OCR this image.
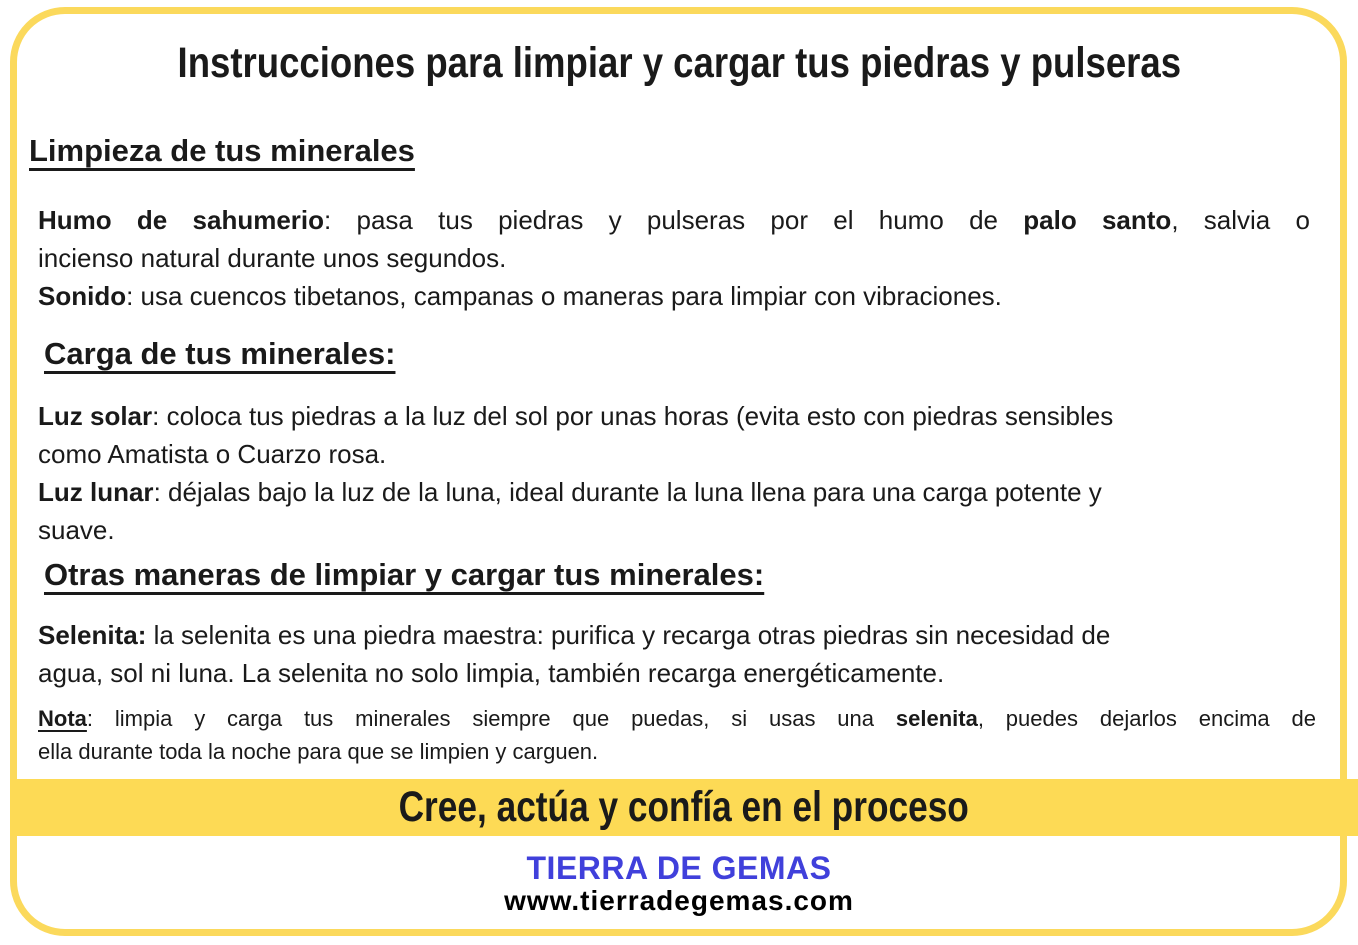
Instrucciones para limpiar y cargar tus piedras y pulseras
Limpieza de tus minerales
Humo de sahumerio: pasa tus piedras y pulseras por el humo de palo santo, salvia o
incienso natural durante unos segundos.
Sonido: usa cuencos tibetanos, campanas o maneras para limpiar con vibraciones.
Carga de tus minerales:
Luz solar: coloca tus piedras a la luz del sol por unas horas (evita esto con piedras sensibles
como Amatista o Cuarzo rosa.
Luz lunar: déjalas bajo la luz de la luna, ideal durante la luna llena para una carga potente y
suave.
Otras maneras de limpiar y cargar tus minerales:
Selenita: la selenita es una piedra maestra: purifica y recarga otras piedras sin necesidad de
agua, sol ni luna. La selenita no solo limpia, también recarga energéticamente.
Nota: limpia y carga tus minerales siempre que puedas, si usas una selenita, puedes dejarlos encima de
ella durante toda la noche para que se limpien y carguen.
Cree, actúa y confía en el proceso
TIERRA DE GEMAS
www.tierradegemas.com
